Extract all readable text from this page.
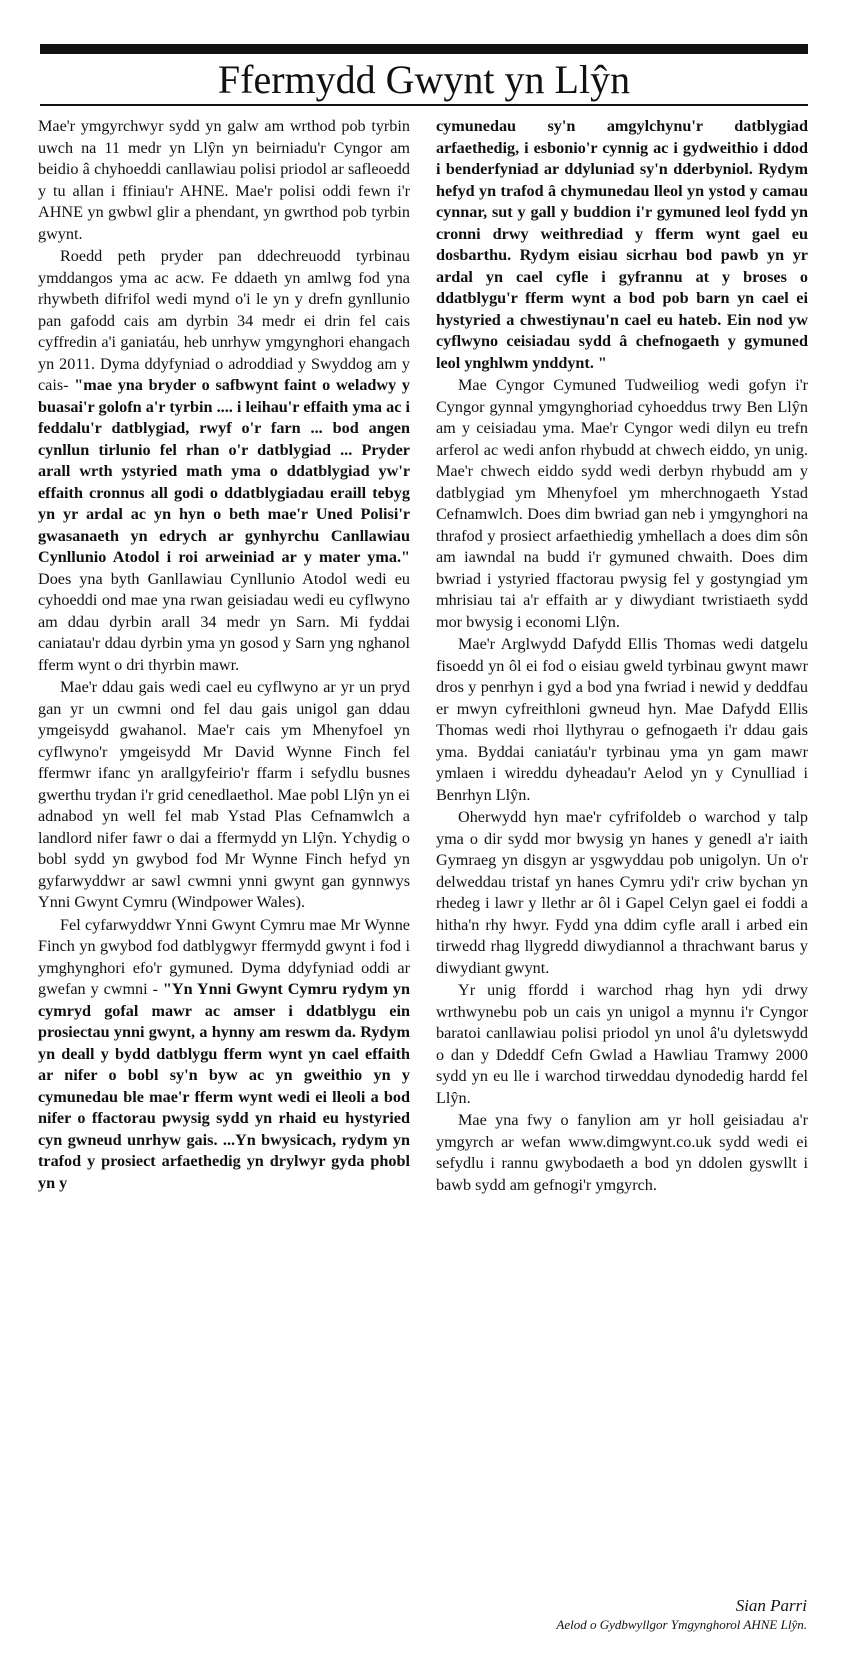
Ffermydd Gwynt yn Llŷn

Mae'r ymgyrchwyr sydd yn galw am wrthod pob tyrbin uwch na 11 medr yn Llŷn yn beirniadu'r Cyngor am beidio â chyhoeddi canllawiau polisi priodol ar safleoedd y tu allan i ffiniau'r AHNE. Mae'r polisi oddi fewn i'r AHNE yn gwbwl glir a phendant, yn gwrthod pob tyrbin gwynt.

Roedd peth pryder pan ddechreuodd tyrbinau ymddangos yma ac acw. Fe ddaeth yn amlwg fod yna rhywbeth difrifol wedi mynd o'i le yn y drefn gynllunio pan gafodd cais am dyrbin 34 medr ei drin fel cais cyffredin a'i ganiatáu, heb unrhyw ymgynghori ehangach yn 2011. Dyma ddyfyniad o adroddiad y Swyddog am y cais- "mae yna bryder o safbwynt faint o weladwy y buasai'r golofn a'r tyrbin .... i leihau'r effaith yma ac i feddalu'r datblygiad, rwyf o'r farn ... bod angen cynllun tirlunio fel rhan o'r datblygiad ... Pryder arall wrth ystyried math yma o ddatblygiad yw'r effaith cronnus all godi o ddatblygiadau eraill tebyg yn yr ardal ac yn hyn o beth mae'r Uned Polisi'r gwasanaeth yn edrych ar gynhyrchu Canllawiau Cynllunio Atodol i roi arweiniad ar y mater yma." Does yna byth Ganllawiau Cynllunio Atodol wedi eu cyhoeddi ond mae yna rwan geisiadau wedi eu cyflwyno am ddau dyrbin arall 34 medr yn Sarn. Mi fyddai caniatau'r ddau dyrbin yma yn gosod y Sarn yng nghanol fferm wynt o dri thyrbin mawr.

Mae'r ddau gais wedi cael eu cyflwyno ar yr un pryd gan yr un cwmni ond fel dau gais unigol gan ddau ymgeisydd gwahanol. Mae'r cais ym Mhenyfoel yn cyflwyno'r ymgeisydd Mr David Wynne Finch fel ffermwr ifanc yn arallgyfeirio'r ffarm i sefydlu busnes gwerthu trydan i'r grid cenedlaethol. Mae pobl Llŷn yn ei adnabod yn well fel mab Ystad Plas Cefnamwlch a landlord nifer fawr o dai a ffermydd yn Llŷn. Ychydig o bobl sydd yn gwybod fod Mr Wynne Finch hefyd yn gyfarwyddwr ar sawl cwmni ynni gwynt gan gynnwys Ynni Gwynt Cymru (Windpower Wales).

Fel cyfarwyddwr Ynni Gwynt Cymru mae Mr Wynne Finch yn gwybod fod datblygwyr ffermydd gwynt i fod i ymghynghori efo'r gymuned. Dyma ddyfyniad oddi ar gwefan y cwmni - "Yn Ynni Gwynt Cymru rydym yn cymryd gofal mawr ac amser i ddatblygu ein prosiectau ynni gwynt, a hynny am reswm da. Rydym yn deall y bydd datblygu fferm wynt yn cael effaith ar nifer o bobl sy'n byw ac yn gweithio yn y cymunedau ble mae'r fferm wynt wedi ei lleoli a bod nifer o ffactorau pwysig sydd yn rhaid eu hystyried cyn gwneud unrhyw gais. ...Yn bwysicach, rydym yn trafod y prosiect arfaethedig yn drylwyr gyda phobl yn y

cymunedau sy'n amgylchynu'r datblygiad arfaethedig, i esbonio'r cynnig ac i gydweithio i ddod i benderfyniad ar ddyluniad sy'n dderbyniol. Rydym hefyd yn trafod â chymunedau lleol yn ystod y camau cynnar, sut y gall y buddion i'r gymuned leol fydd yn cronni drwy weithrediad y fferm wynt gael eu dosbarthu. Rydym eisiau sicrhau bod pawb yn yr ardal yn cael cyfle i gyfrannu at y broses o ddatblygu'r fferm wynt a bod pob barn yn cael ei hystyried a chwestiynau'n cael eu hateb. Ein nod yw cyflwyno ceisiadau sydd â chefnogaeth y gymuned leol ynghlwm ynddynt. "

Mae Cyngor Cymuned Tudweiliog wedi gofyn i'r Cyngor gynnal ymgynghoriad cyhoeddus trwy Ben Llŷn am y ceisiadau yma. Mae'r Cyngor wedi dilyn eu trefn arferol ac wedi anfon rhybudd at chwech eiddo, yn unig. Mae'r chwech eiddo sydd wedi derbyn rhybudd am y datblygiad ym Mhenyfoel ym mherchnogaeth Ystad Cefnamwlch. Does dim bwriad gan neb i ymgynghori na thrafod y prosiect arfaethiedig ymhellach a does dim sôn am iawndal na budd i'r gymuned chwaith. Does dim bwriad i ystyried ffactorau pwysig fel y gostyngiad ym mhrisiau tai a'r effaith ar y diwydiant twristiaeth sydd mor bwysig i economi Llŷn.

Mae'r Arglwydd Dafydd Ellis Thomas wedi datgelu fisoedd yn ôl ei fod o eisiau gweld tyrbinau gwynt mawr dros y penrhyn i gyd a bod yna fwriad i newid y deddfau er mwyn cyfreithloni gwneud hyn. Mae Dafydd Ellis Thomas wedi rhoi llythyrau o gefnogaeth i'r ddau gais yma. Byddai caniatáu'r tyrbinau yma yn gam mawr ymlaen i wireddu dyheadau'r Aelod yn y Cynulliad i Benrhyn Llŷn.

Oherwydd hyn mae'r cyfrifoldeb o warchod y talp yma o dir sydd mor bwysig yn hanes y genedl a'r iaith Gymraeg yn disgyn ar ysgwyddau pob unigolyn. Un o'r delweddau tristaf yn hanes Cymru ydi'r criw bychan yn rhedeg i lawr y llethr ar ôl i Gapel Celyn gael ei foddi a hitha'n rhy hwyr. Fydd yna ddim cyfle arall i arbed ein tirwedd rhag llygredd diwydiannol a thrachwant barus y diwydiant gwynt.

Yr unig ffordd i warchod rhag hyn ydi drwy wrthwynebu pob un cais yn unigol a mynnu i'r Cyngor baratoi canllawiau polisi priodol yn unol â'u dyletswydd o dan y Ddeddf Cefn Gwlad a Hawliau Tramwy 2000 sydd yn eu lle i warchod tirweddau dynodedig hardd fel Llŷn.

Mae yna fwy o fanylion am yr holl geisiadau a'r ymgyrch ar wefan www.dimgwynt.co.uk sydd wedi ei sefydlu i rannu gwybodaeth a bod yn ddolen gyswllt i bawb sydd am gefnogi'r ymgyrch.

Sian Parri
Aelod o Gydbwyllgor Ymgynghorol AHNE Llŷn.
